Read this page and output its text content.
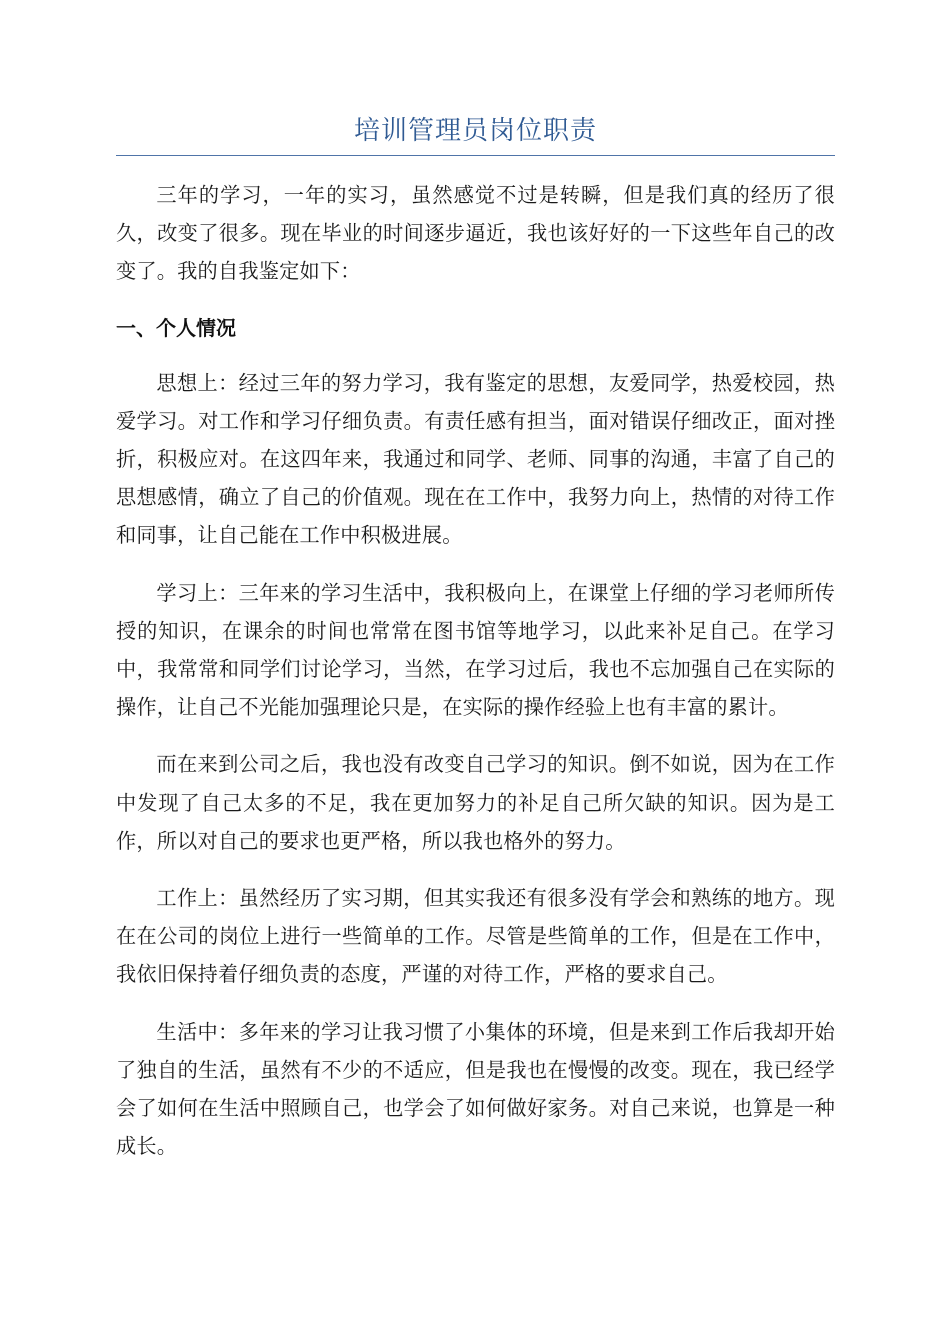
培训管理员岗位职责

三年的学习，一年的实习，虽然感觉不过是转瞬，但是我们真的经历了很久，改变了很多。现在毕业的时间逐步逼近，我也该好好的一下这些年自己的改变了。我的自我鉴定如下：

一、个人情况

思想上：经过三年的努力学习，我有鉴定的思想，友爱同学，热爱校园，热爱学习。对工作和学习仔细负责。有责任感有担当，面对错误仔细改正，面对挫折，积极应对。在这四年来，我通过和同学、老师、同事的沟通，丰富了自己的思想感情，确立了自己的价值观。现在在工作中，我努力向上，热情的对待工作和同事，让自己能在工作中积极进展。

学习上：三年来的学习生活中，我积极向上，在课堂上仔细的学习老师所传授的知识，在课余的时间也常常在图书馆等地学习，以此来补足自己。在学习中，我常常和同学们讨论学习，当然，在学习过后，我也不忘加强自己在实际的操作，让自己不光能加强理论只是，在实际的操作经验上也有丰富的累计。

而在来到公司之后，我也没有改变自己学习的知识。倒不如说，因为在工作中发现了自己太多的不足，我在更加努力的补足自己所欠缺的知识。因为是工作，所以对自己的要求也更严格，所以我也格外的努力。

工作上：虽然经历了实习期，但其实我还有很多没有学会和熟练的地方。现在在公司的岗位上进行一些简单的工作。尽管是些简单的工作，但是在工作中，我依旧保持着仔细负责的态度，严谨的对待工作，严格的要求自己。

生活中：多年来的学习让我习惯了小集体的环境，但是来到工作后我却开始了独自的生活，虽然有不少的不适应，但是我也在慢慢的改变。现在，我已经学会了如何在生活中照顾自己，也学会了如何做好家务。对自己来说，也算是一种成长。
